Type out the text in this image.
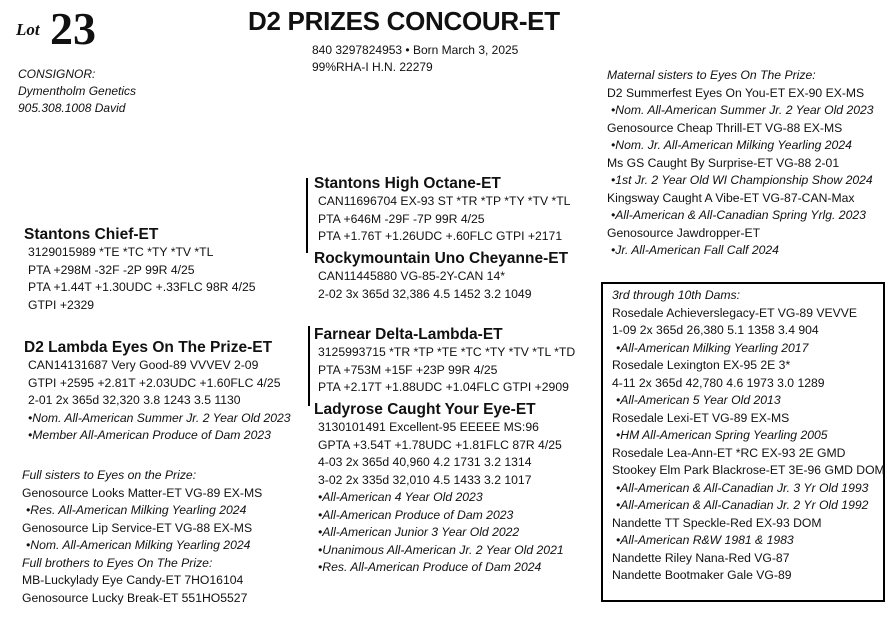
Lot 23	D2 PRIZES CONCOUR-ET
840 3297824953 • Born March 3, 2025
99%RHA-I H.N. 22279
CONSIGNOR:
Dymentholm Genetics
905.308.1008 David
Stantons Chief-ET
3129015989 *TE *TC *TY *TV *TL
PTA +298M -32F -2P 99R 4/25
PTA +1.44T +1.30UDC +.33FLC 98R 4/25
GTPI +2329
D2 Lambda Eyes On The Prize-ET
CAN14131687 Very Good-89 VVVEV 2-09
GTPI +2595 +2.81T +2.03UDC +1.60FLC 4/25
2-01 2x 365d 32,320 3.8 1243 3.5 1130
•Nom. All-American Summer Jr. 2 Year Old 2023
•Member All-American Produce of Dam 2023
Full sisters to Eyes on the Prize:
Genosource Looks Matter-ET VG-89 EX-MS
•Res. All-American Milking Yearling 2024
Genosource Lip Service-ET VG-88 EX-MS
•Nom. All-American Milking Yearling 2024
Full brothers to Eyes On The Prize:
MB-Luckylady Eye Candy-ET 7HO16104
Genosource Lucky Break-ET 551HO5527
Stantons High Octane-ET
CAN11696704 EX-93 ST *TR *TP *TY *TV *TL
PTA +646M -29F -7P 99R 4/25
PTA +1.76T +1.26UDC +.60FLC GTPI +2171
Rockymountain Uno Cheyanne-ET
CAN11445880 VG-85-2Y-CAN 14*
2-02 3x 365d 32,386 4.5 1452 3.2 1049
Farnear Delta-Lambda-ET
3125993715 *TR *TP *TE *TC *TY *TV *TL *TD
PTA +753M +15F +23P 99R 4/25
PTA +2.17T +1.88UDC +1.04FLC GTPI +2909
Ladyrose Caught Your Eye-ET
3130101491 Excellent-95 EEEEE MS:96
GPTA +3.54T +1.78UDC +1.81FLC 87R 4/25
4-03 2x 365d 40,960 4.2 1731 3.2 1314
3-02 2x 335d 32,010 4.5 1433 3.2 1017
•All-American 4 Year Old 2023
•All-American Produce of Dam 2023
•All-American Junior 3 Year Old 2022
•Unanimous All-American Jr. 2 Year Old 2021
•Res. All-American Produce of Dam 2024
Maternal sisters to Eyes On The Prize:
D2 Summerfest Eyes On You-ET EX-90 EX-MS
•Nom. All-American Summer Jr. 2 Year Old 2023
Genosource Cheap Thrill-ET VG-88 EX-MS
•Nom. Jr. All-American Milking Yearling 2024
Ms GS Caught By Surprise-ET VG-88 2-01
•1st Jr. 2 Year Old WI Championship Show 2024
Kingsway Caught A Vibe-ET VG-87-CAN-Max
•All-American & All-Canadian Spring Yrlg. 2023
Genosource Jawdropper-ET
•Jr. All-American Fall Calf 2024
3rd through 10th Dams:
Rosedale Achieverslegacy-ET VG-89 VEVVE
1-09 2x 365d 26,380 5.1 1358 3.4 904
•All-American Milking Yearling 2017
Rosedale Lexington EX-95 2E 3*
4-11 2x 365d 42,780 4.6 1973 3.0 1289
•All-American 5 Year Old 2013
Rosedale Lexi-ET VG-89 EX-MS
•HM All-American Spring Yearling 2005
Rosedale Lea-Ann-ET *RC EX-93 2E GMD
Stookey Elm Park Blackrose-ET 3E-96 GMD DOM
•All-American & All-Canadian Jr. 3 Yr Old 1993
•All-American & All-Canadian Jr. 2 Yr Old 1992
Nandette TT Speckle-Red EX-93 DOM
•All-American R&W 1981 & 1983
Nandette Riley Nana-Red VG-87
Nandette Bootmaker Gale VG-89
